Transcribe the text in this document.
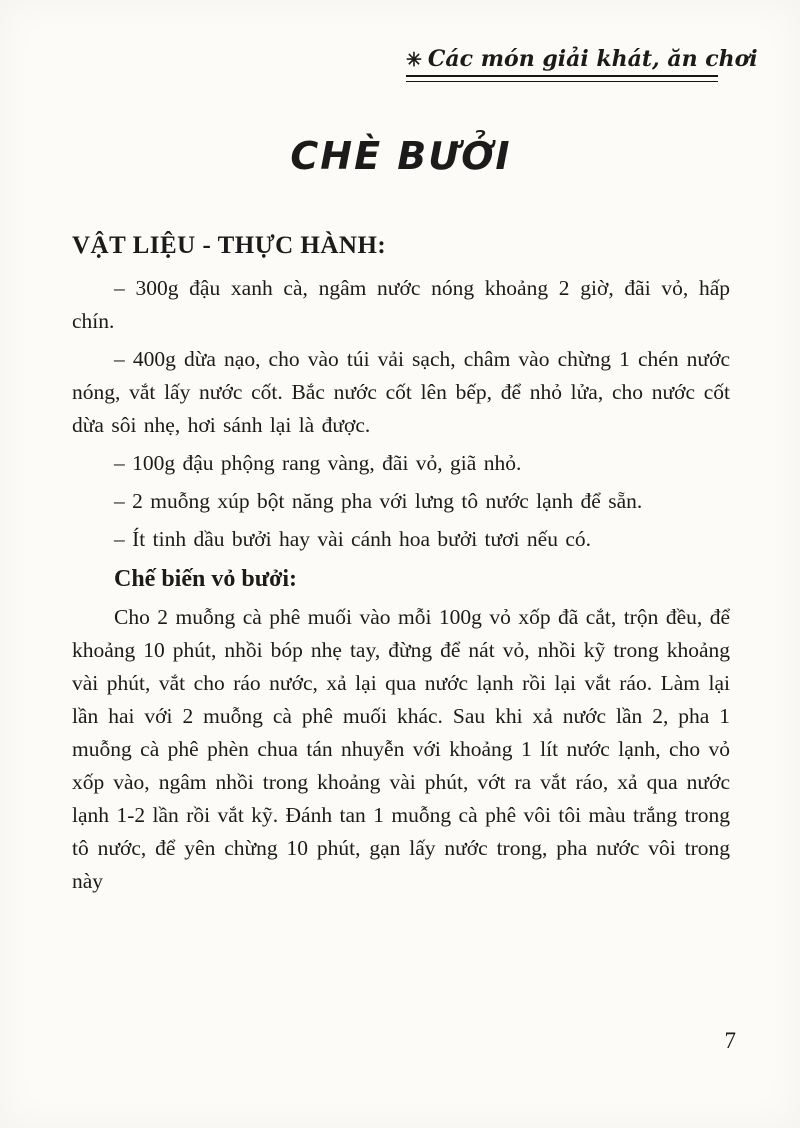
✳ Các món giải khát, ăn chơi
CHÈ BƯỞI
VẬT LIỆU - THỰC HÀNH:

– 300g đậu xanh cà, ngâm nước nóng khoảng 2 giờ, đãi vỏ, hấp chín.

– 400g dừa nạo, cho vào túi vải sạch, châm vào chừng 1 chén nước nóng, vắt lấy nước cốt. Bắc nước cốt lên bếp, để nhỏ lửa, cho nước cốt dừa sôi nhẹ, hơi sánh lại là được.

– 100g đậu phộng rang vàng, đãi vỏ, giã nhỏ.

– 2 muỗng xúp bột năng pha với lưng tô nước lạnh để sẵn.

– Ít tinh dầu bưởi hay vài cánh hoa bưởi tươi nếu có.

Chế biến vỏ bưởi:

Cho 2 muỗng cà phê muối vào mỗi 100g vỏ xốp đã cắt, trộn đều, để khoảng 10 phút, nhồi bóp nhẹ tay, đừng để nát vỏ, nhồi kỹ trong khoảng vài phút, vắt cho ráo nước, xả lại qua nước lạnh rồi lại vắt ráo. Làm lại lần hai với 2 muỗng cà phê muối khác. Sau khi xả nước lần 2, pha 1 muỗng cà phê phèn chua tán nhuyễn với khoảng 1 lít nước lạnh, cho vỏ xốp vào, ngâm nhồi trong khoảng vài phút, vớt ra vắt ráo, xả qua nước lạnh 1-2 lần rồi vắt kỹ. Đánh tan 1 muỗng cà phê vôi tôi màu trắng trong tô nước, để yên chừng 10 phút, gạn lấy nước trong, pha nước vôi trong này

7
